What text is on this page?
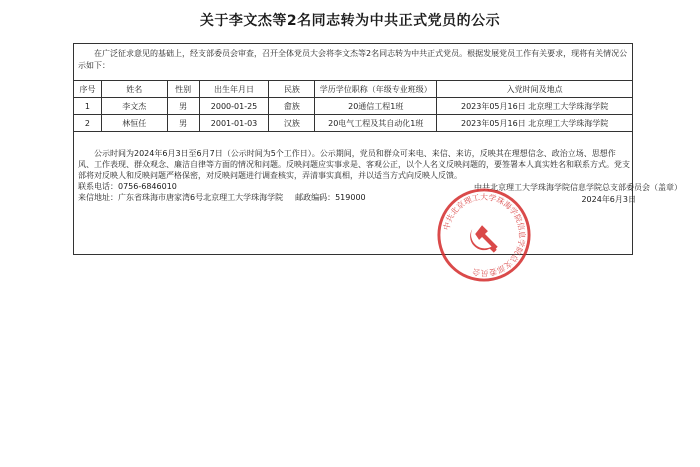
关于李文杰等2名同志转为中共正式党员的公示
在广泛征求意见的基础上，经支部委员会审查，召开全体党员大会将李文杰等2名同志转为中共正式党员。根据发展党员工作有关要求，现将有关情况公示如下：
序号	姓名	性别	出生年月日	民族	学历学位职称（年级专业班级）	入党时间及地点
1	李文杰	男	2000-01-25	畲族	20通信工程1班	2023年05月16日 北京理工大学珠海学院
2	林恒任	男	2001-01-03	汉族	20电气工程及其自动化1班	2023年05月16日 北京理工大学珠海学院
公示时间为2024年6月3日至6月7日（公示时间为5个工作日）。公示期间，党员和群众可来电、来信、来访，反映其在理想信念、政治立场、思想作风、工作表现、群众观念、廉洁自律等方面的情况和问题。反映问题应实事求是、客观公正，以个人名义反映问题的，要签署本人真实姓名和联系方式。党支部将对反映人和反映问题严格保密，对反映问题进行调查核实，弄清事实真相，并以适当方式向反映人反馈。
联系电话：0756-6846010
来信地址：广东省珠海市唐家湾6号北京理工大学珠海学院 邮政编码：519000
中共北京理工大学珠海学院信息学院总支部委员会（盖章）
2024年6月3日
中共北京理工大学珠海学院信息学院总支部委员会
